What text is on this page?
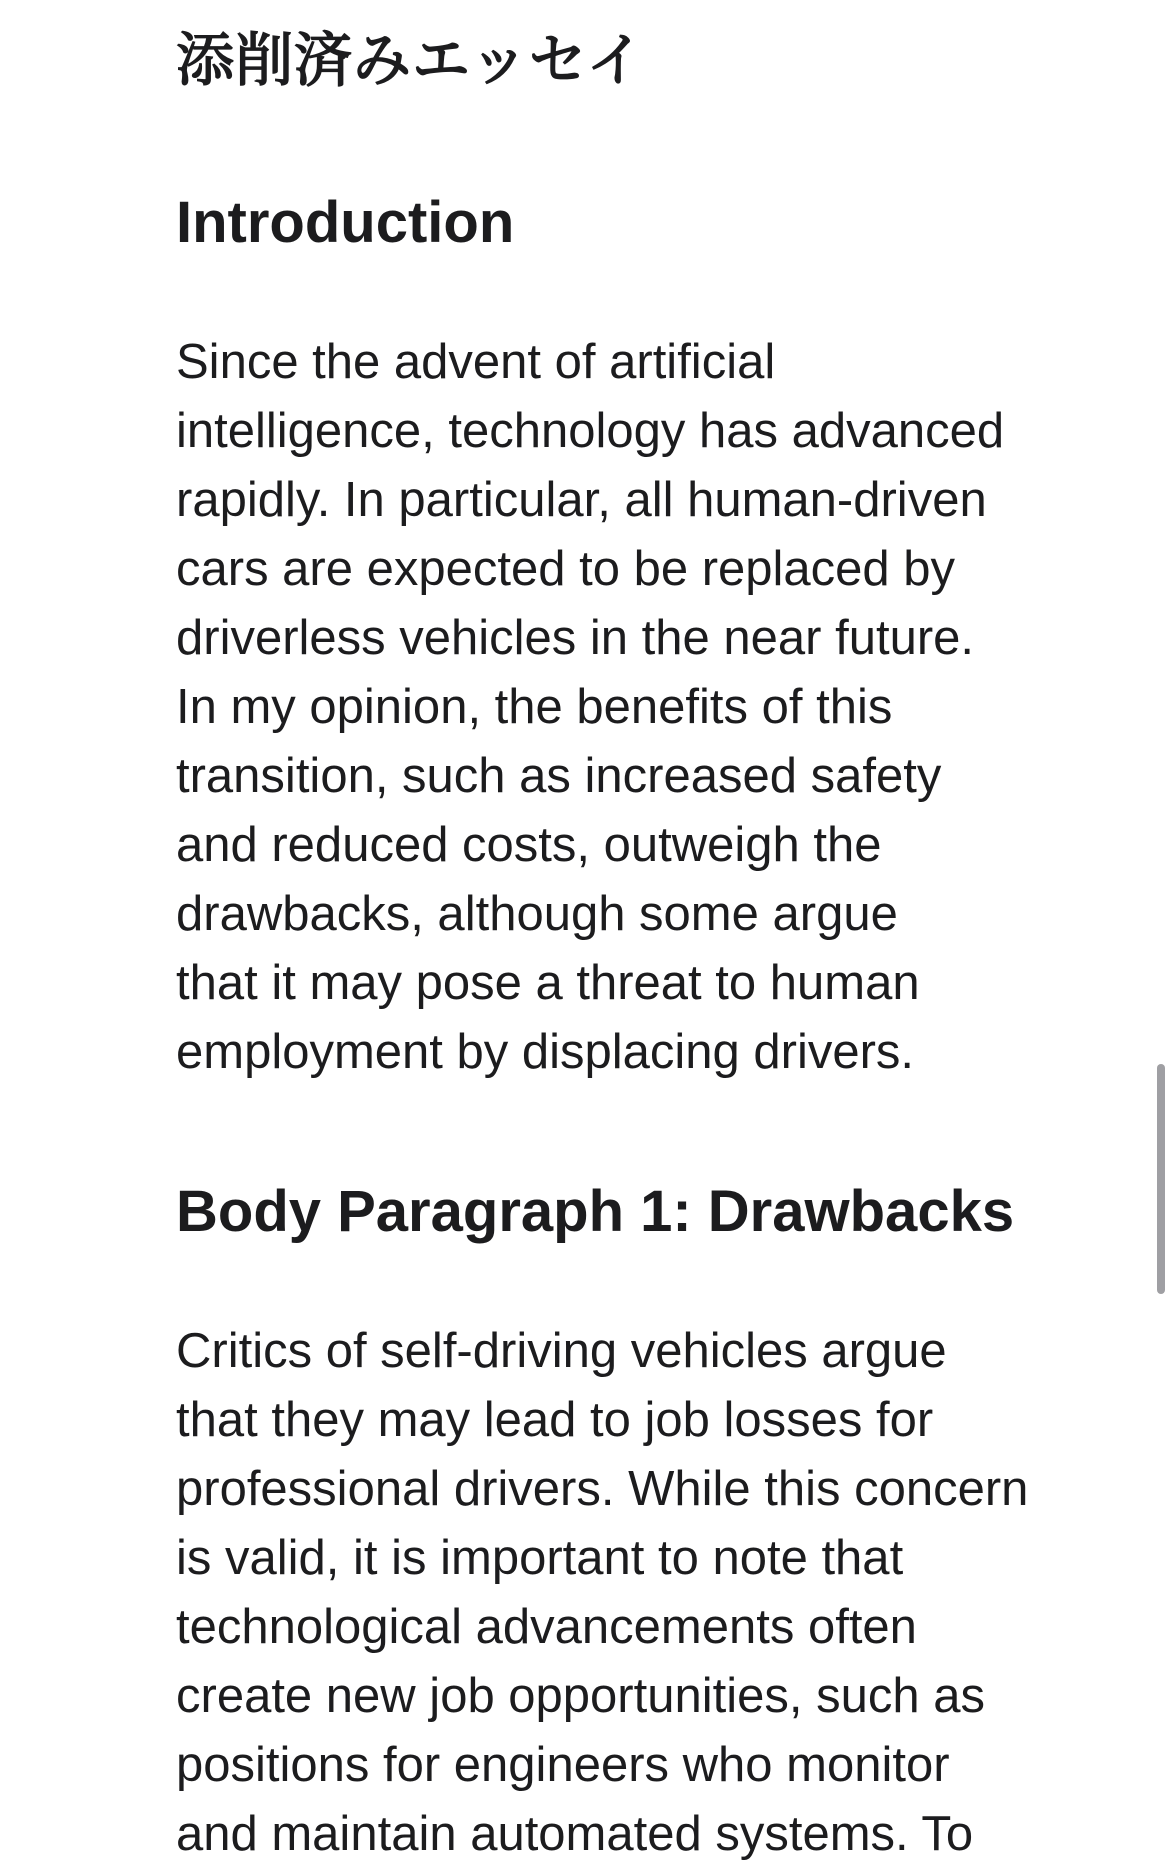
添削済みエッセイ
Introduction

Since the advent of artificial
intelligence, technology has advanced
rapidly. In particular, all human-driven
cars are expected to be replaced by
driverless vehicles in the near future.
In my opinion, the benefits of this
transition, such as increased safety
and reduced costs, outweigh the
drawbacks, although some argue
that it may pose a threat to human
employment by displacing drivers.

Body Paragraph 1: Drawbacks

Critics of self-driving vehicles argue
that they may lead to job losses for
professional drivers. While this concern
is valid, it is important to note that
technological advancements often
create new job opportunities, such as
positions for engineers who monitor
and maintain automated systems. To
